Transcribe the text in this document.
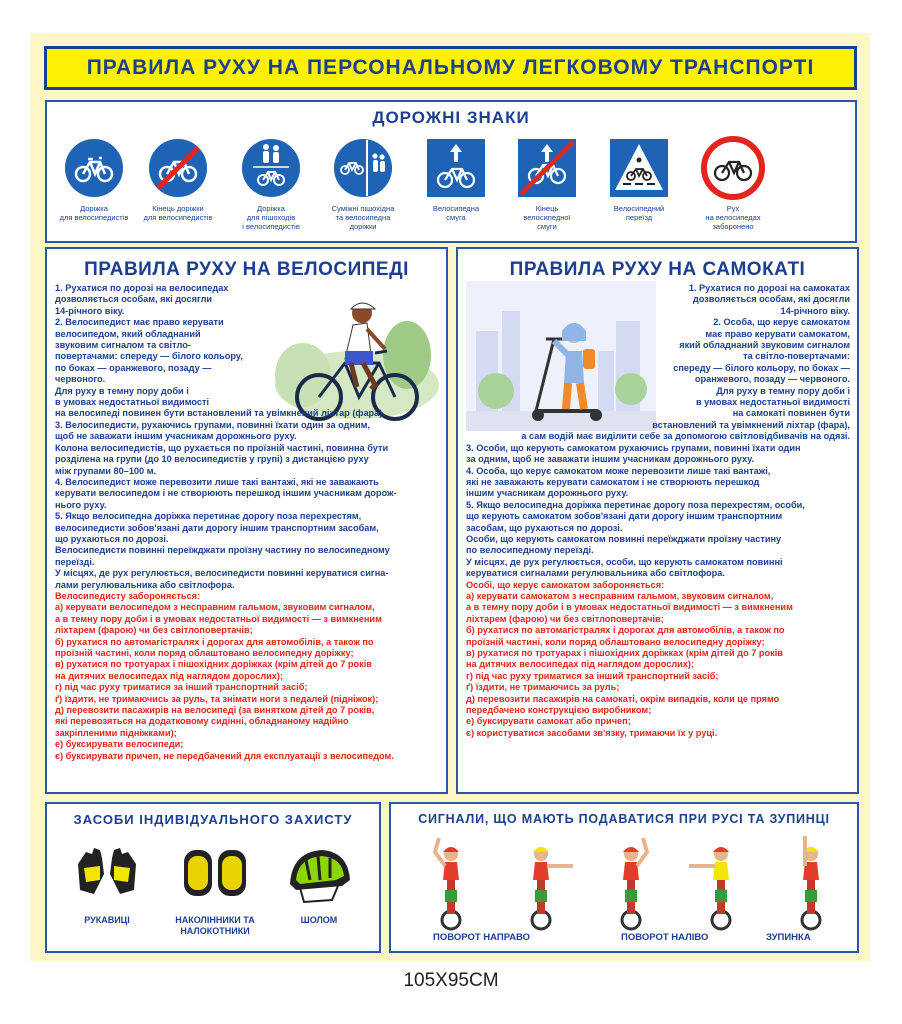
ПРАВИЛА РУХУ НА ПЕРСОНАЛЬНОМУ ЛЕГКОВОМУ ТРАНСПОРТІ
ДОРОЖНІ ЗНАКИ
Доріжка
для велосипедистів
Кінець доріжки
для велосипедистів
Доріжка
для пішоходів
і велосипедистів
Суміжні пішохідна
та велосипедна
доріжки
Велосипедна
смуга
Кінець
велосипедної
смуги
Велосипедний
переїзд
Рух
на велосипедах
заборонено
ПРАВИЛА РУХУ НА ВЕЛОСИПЕДІ
1. Рухатися по дорозі на велосипедах
дозволяється особам, які досягли
14-річного віку.
2. Велосипедист має право керувати
велосипедом, який обладнаний
звуковим сигналом та світло-
повертачами: спереду — білого кольору,
по боках — оранжевого, позаду —
червоного.
Для руху в темну пору доби і
в умовах недостатньої видимості
на велосипеді повинен бути встановлений та увімкнений ліхтар (фара).
3. Велосипедисти, рухаючись групами, повинні їхати один за одним,
щоб не заважати іншим учасникам дорожнього руху.
Колона велосипедистів, що рухається по проїзній частині, повинна бути
розділена на групи (до 10 велосипедистів у групі) з дистанцією руху
між групами 80–100 м.
4. Велосипедист може перевозити лише такі вантажі, які не заважають
керувати велосипедом і не створюють перешкод іншим учасникам дорож-
нього руху.
5. Якщо велосипедна доріжка перетинає дорогу поза перехрестям,
велосипедисти зобов'язані дати дорогу іншим транспортним засобам,
що рухаються по дорозі.
Велосипедисти повинні переїжджати проїзну частину по велосипедному
переїзді.
У місцях, де рух регулюється, велосипедисти повинні керуватися сигна-
лами регулювальника або світлофора.
Велосипедисту забороняється:
а) керувати велосипедом з несправним гальмом, звуковим сигналом,
а в темну пору доби і в умовах недостатньої видимості — з вимкненим
ліхтарем (фарою) чи без світлоповертачів;
б) рухатися по автомагістралях і дорогах для автомобілів, а також по
проїзній частині, коли поряд облаштовано велосипедну доріжку;
в) рухатися по тротуарах і пішохідних доріжках (крім дітей до 7 років
на дитячих велосипедах під наглядом дорослих);
г) під час руху триматися за інший транспортний засіб;
ґ) їздити, не тримаючись за руль, та знімати ноги з педалей (підніжок);
д) перевозити пасажирів на велосипеді (за винятком дітей до 7 років,
які перевозяться на додатковому сидінні, обладнаному надійно
закріпленими підніжками);
е) буксирувати велосипеди;
є) буксирувати причеп, не передбачений для експлуатації з велосипедом.
ПРАВИЛА РУХУ НА САМОКАТІ
1. Рухатися по дорозі на самокатах
дозволяється особам, які досягли
14-річного віку.
2. Особа, що керує самокатом
має право керувати самокатом,
який обладнаний звуковим сигналом
та світло-повертачами:
спереду — білого кольору, по боках —
оранжевого, позаду — червоного.
Для руху в темну пору доби і
в умовах недостатньої видимості
на самокаті повинен бути
встановлений та увімкнений ліхтар (фара),
а сам водій має виділити себе за допомогою світловідбивачів на одязі.
3. Особи, що керують самокатом рухаючись групами, повинні їхати один
за одним, щоб не заважати іншим учасникам дорожнього руху.
4. Особа, що керує самокатом може перевозити лише такі вантажі,
які не заважають керувати самокатом і не створюють перешкод
іншим учасникам дорожнього руху.
5. Якщо велосипедна доріжка перетинає дорогу поза перехрестям, особи,
що керують самокатом зобов'язані дати дорогу іншим транспортним
засобам, що рухаються по дорозі.
Особи, що керують самокатом повинні переїжджати проїзну частину
по велосипедному переїзді.
У місцях, де рух регулюється, особи, що керують самокатом повинні
керуватися сигналами регулювальника або світлофора.
Особі, що керує самокатом забороняється:
а) керувати самокатом з несправним гальмом, звуковим сигналом,
а в темну пору доби і в умовах недостатньої видимості — з вимкненим
ліхтарем (фарою) чи без світлоповертачів;
б) рухатися по автомагістралях і дорогах для автомобілів, а також по
проїзній частині, коли поряд облаштовано велосипедну доріжку;
в) рухатися по тротуарах і пішохідних доріжках (крім дітей до 7 років
на дитячих велосипедах під наглядом дорослих);
г) під час руху триматися за інший транспортний засіб;
ґ) їздити, не тримаючись за руль;
д) перевозити пасажирів на самокаті, окрім випадків, коли це прямо
передбачено конструкцією виробником;
е) буксирувати самокат або причеп;
є) користуватися засобами зв'язку, тримаючи їх у руці.
ЗАСОБИ ІНДИВІДУАЛЬНОГО ЗАХИСТУ
РУКАВИЦІ	НАКОЛІННИКИ ТА
НАЛОКОТНИКИ
ШОЛОМ
СИГНАЛИ, ЩО МАЮТЬ ПОДАВАТИСЯ ПРИ РУСІ ТА ЗУПИНЦІ
ПОВОРОТ НАПРАВО	ПОВОРОТ НАЛІВО	ЗУПИНКА
105X95CM
